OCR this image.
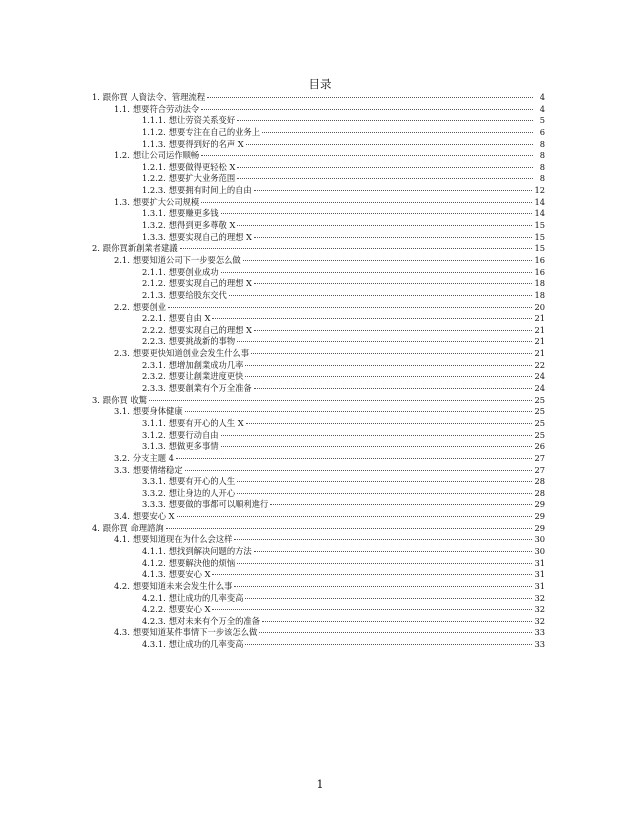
目录
1. 跟你買 人資法令、管理流程	4
1.1. 想要符合劳动法令	4
1.1.1. 想让劳资关系变好	5
1.1.2. 想要专注在自己的业务上	6
1.1.3. 想要得到好的名声 X	8
1.2. 想让公司运作顺畅	8
1.2.1. 想要做得更轻松 X	8
1.2.2. 想要扩大业务范围	8
1.2.3. 想要拥有时间上的自由	12
1.3. 想要扩大公司规模	14
1.3.1. 想要赚更多钱	14
1.3.2. 想得到更多尊敬 X	15
1.3.3. 想要实现自己的理想 X	15
2. 跟你買新創業者建議	15
2.1. 想要知道公司下一步要怎么做	16
2.1.1. 想要创业成功	16
2.1.2. 想要实现自己的理想 X	18
2.1.3. 想要给股东交代	18
2.2. 想要创业	20
2.2.1. 想要自由 X	21
2.2.2. 想要实现自己的理想 X	21
2.2.3. 想要挑战新的事物	21
2.3. 想要更快知道创业会发生什么事	21
2.3.1. 想增加創業成功几率	22
2.3.2. 想要让創業进度更快	24
2.3.3. 想要創業有个万全准备	24
3. 跟你買 收驚	25
3.1. 想要身体健康	25
3.1.1. 想要有开心的人生 X	25
3.1.2. 想要行动自由	25
3.1.3. 想做更多事情	26
3.2. 分支主题 4	27
3.3. 想要情绪稳定	27
3.3.1. 想要有开心的人生	28
3.3.2. 想让身边的人开心	28
3.3.3. 想要做的事都可以順利進行	29
3.4. 想要安心 X	29
4. 跟你買 命理諮詢	29
4.1. 想要知道现在为什么会这样	30
4.1.1. 想找到解决问题的方法	30
4.1.2. 想要解決他的烦恼	31
4.1.3. 想要安心 X	31
4.2. 想要知道未来会发生什么事	31
4.2.1. 想让成功的几率变高	32
4.2.2. 想要安心 X	32
4.2.3. 想对未来有个万全的准备	32
4.3. 想要知道某件事情下一步该怎么做	33
4.3.1. 想让成功的几率变高	33
1
